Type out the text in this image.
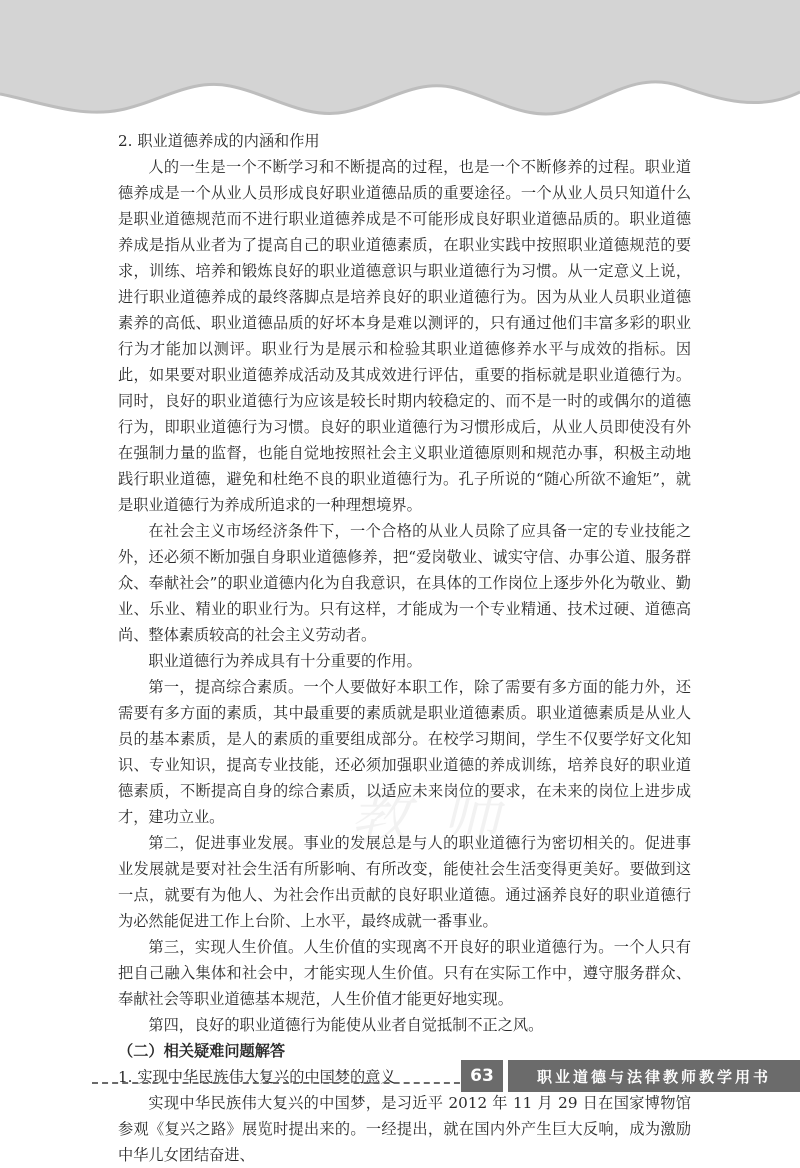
教 师
2. 职业道德养成的内涵和作用

人的一生是一个不断学习和不断提高的过程，也是一个不断修养的过程。职业道德养成是一个从业人员形成良好职业道德品质的重要途径。一个从业人员只知道什么是职业道德规范而不进行职业道德养成是不可能形成良好职业道德品质的。职业道德养成是指从业者为了提高自己的职业道德素质，在职业实践中按照职业道德规范的要求，训练、培养和锻炼良好的职业道德意识与职业道德行为习惯。从一定意义上说，进行职业道德养成的最终落脚点是培养良好的职业道德行为。因为从业人员职业道德素养的高低、职业道德品质的好坏本身是难以测评的，只有通过他们丰富多彩的职业行为才能加以测评。职业行为是展示和检验其职业道德修养水平与成效的指标。因此，如果要对职业道德养成活动及其成效进行评估，重要的指标就是职业道德行为。同时，良好的职业道德行为应该是较长时期内较稳定的、而不是一时的或偶尔的道德行为，即职业道德行为习惯。良好的职业道德行为习惯形成后，从业人员即使没有外在强制力量的监督，也能自觉地按照社会主义职业道德原则和规范办事，积极主动地践行职业道德，避免和杜绝不良的职业道德行为。孔子所说的“随心所欲不逾矩”，就是职业道德行为养成所追求的一种理想境界。

在社会主义市场经济条件下，一个合格的从业人员除了应具备一定的专业技能之外，还必须不断加强自身职业道德修养，把“爱岗敬业、诚实守信、办事公道、服务群众、奉献社会”的职业道德内化为自我意识，在具体的工作岗位上逐步外化为敬业、勤业、乐业、精业的职业行为。只有这样，才能成为一个专业精通、技术过硬、道德高尚、整体素质较高的社会主义劳动者。

职业道德行为养成具有十分重要的作用。

第一，提高综合素质。一个人要做好本职工作，除了需要有多方面的能力外，还需要有多方面的素质，其中最重要的素质就是职业道德素质。职业道德素质是从业人员的基本素质，是人的素质的重要组成部分。在校学习期间，学生不仅要学好文化知识、专业知识，提高专业技能，还必须加强职业道德的养成训练，培养良好的职业道德素质，不断提高自身的综合素质，以适应未来岗位的要求，在未来的岗位上进步成才，建功立业。

第二，促进事业发展。事业的发展总是与人的职业道德行为密切相关的。促进事业发展就是要对社会生活有所影响、有所改变，能使社会生活变得更美好。要做到这一点，就要有为他人、为社会作出贡献的良好职业道德。通过涵养良好的职业道德行为必然能促进工作上台阶、上水平，最终成就一番事业。

第三，实现人生价值。人生价值的实现离不开良好的职业道德行为。一个人只有把自己融入集体和社会中，才能实现人生价值。只有在实际工作中，遵守服务群众、奉献社会等职业道德基本规范，人生价值才能更好地实现。

第四，良好的职业道德行为能使从业者自觉抵制不正之风。

（二）相关疑难问题解答
1. 实现中华民族伟大复兴的中国梦的意义

实现中华民族伟大复兴的中国梦，是习近平 2012 年 11 月 29 日在国家博物馆参观《复兴之路》展览时提出来的。一经提出，就在国内外产生巨大反响，成为激励中华儿女团结奋进、

63	职业道德与法律教师教学用书
